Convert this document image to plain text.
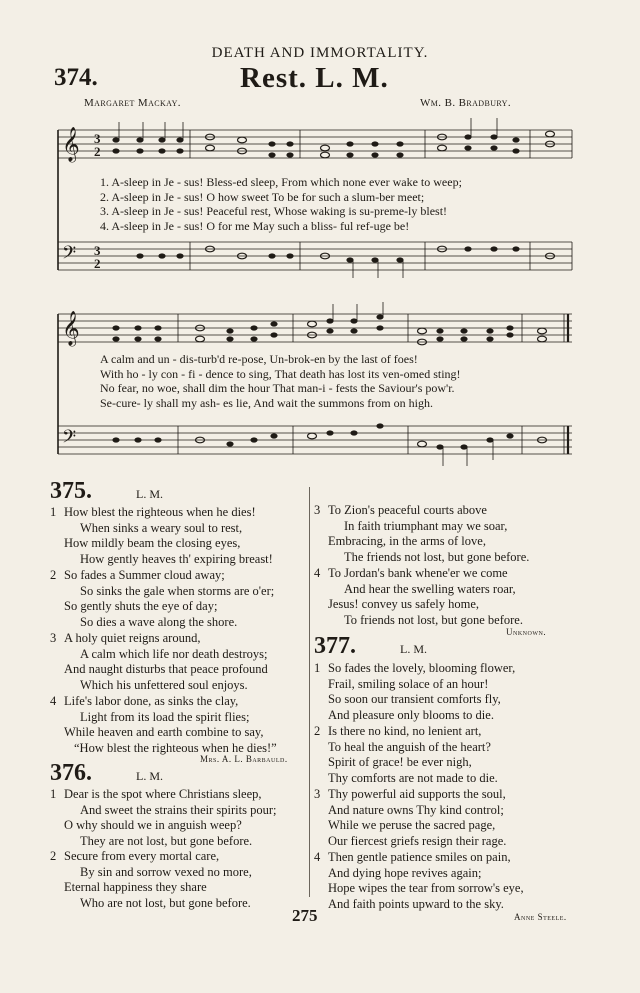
DEATH AND IMMORTALITY.
374.	Rest. L. M.
Margaret Mackay.	Wm. B. Bradbury.
𝄞
𝄢
3
2
3
2
1. A-sleep in Je - sus! Bless-ed sleep, From which none ever wake to weep;
2. A-sleep in Je - sus! O how sweet To be for such a slum-ber meet;
3. A-sleep in Je - sus! Peaceful rest, Whose waking is su-preme-ly blest!
4. A-sleep in Je - sus! O for me May such a bliss- ful ref-uge be!
𝄞
𝄢
A calm and un - dis-turb'd re-pose, Un-brok-en by the last of foes!
With ho - ly con - fi - dence to sing, That death has lost its ven-omed sting!
No fear, no woe, shall dim the hour That man-i - fests the Saviour's pow'r.
Se-cure- ly shall my ash- es lie, And wait the summons from on high.
375.	L. M.
1 How blest the righteous when he dies!
When sinks a weary soul to rest,
How mildly beam the closing eyes,
How gently heaves th' expiring breast!
2 So fades a Summer cloud away;
So sinks the gale when storms are o'er;
So gently shuts the eye of day;
So dies a wave along the shore.
3 A holy quiet reigns around,
A calm which life nor death destroys;
And naught disturbs that peace profound
Which his unfettered soul enjoys.
4 Life's labor done, as sinks the clay,
Light from its load the spirit flies;
While heaven and earth combine to say,
“How blest the righteous when he dies!”
Mrs. A. L. Barbauld.
376.	L. M.
1 Dear is the spot where Christians sleep,
And sweet the strains their spirits pour;
O why should we in anguish weep?
They are not lost, but gone before.
2 Secure from every mortal care,
By sin and sorrow vexed no more,
Eternal happiness they share
Who are not lost, but gone before.
3 To Zion's peaceful courts above
In faith triumphant may we soar,
Embracing, in the arms of love,
The friends not lost, but gone before.
4 To Jordan's bank whene'er we come
And hear the swelling waters roar,
Jesus! convey us safely home,
To friends not lost, but gone before.
Unknown.
377.	L. M.
1 So fades the lovely, blooming flower,
Frail, smiling solace of an hour!
So soon our transient comforts fly,
And pleasure only blooms to die.
2 Is there no kind, no lenient art,
To heal the anguish of the heart?
Spirit of grace! be ever nigh,
Thy comforts are not made to die.
3 Thy powerful aid supports the soul,
And nature owns Thy kind control;
While we peruse the sacred page,
Our fiercest griefs resign their rage.
4 Then gentle patience smiles on pain,
And dying hope revives again;
Hope wipes the tear from sorrow's eye,
And faith points upward to the sky.
Anne Steele.
275
